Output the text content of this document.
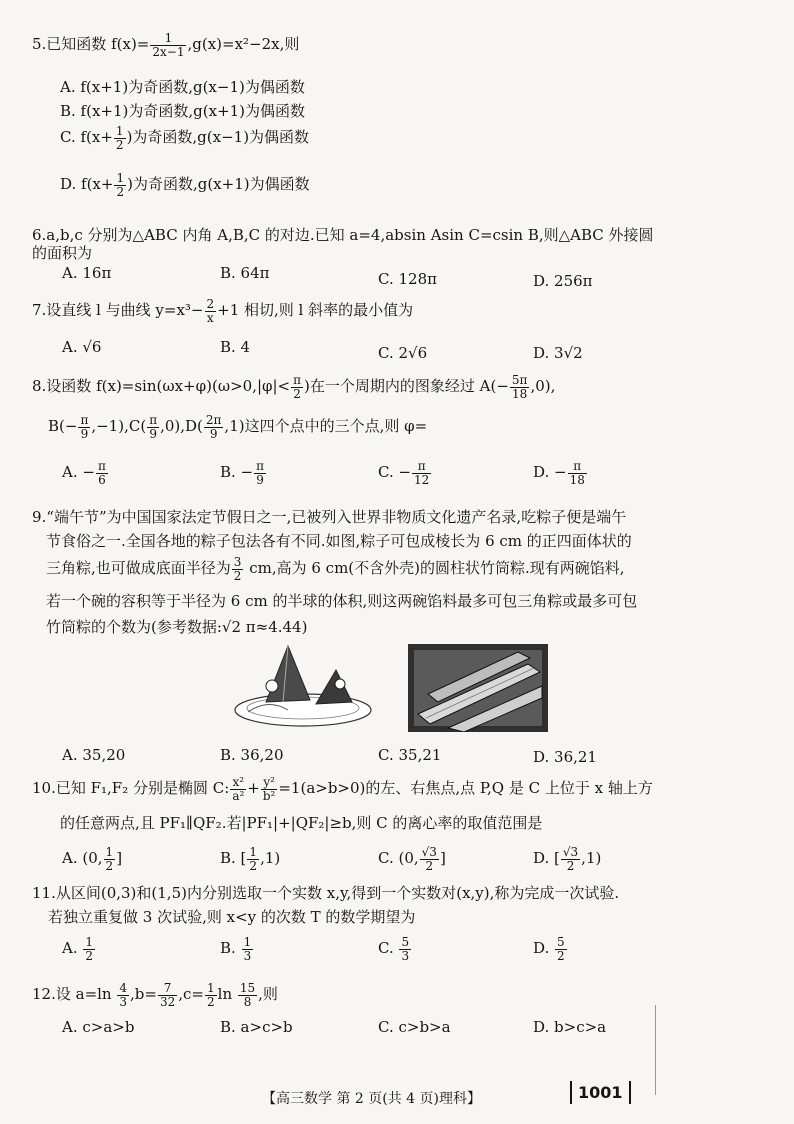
5.已知函数 $f(x)= \frac{1}{2x-1} ,g(x)=x^2-2x$,则
A. f(x+1)为奇函数,g(x−1)为偶函数
B. f(x+1)为奇函数,g(x+1)为偶函数
C. $f(x+ \frac{1}{2}$ )为奇函数,g(x−1)为偶函数
D. $f(x+ \frac{1}{2}$ )为奇函数,g(x+1)为偶函数
6.a,b,c 分别为△ABC 内角 A,B,C 的对边.已知 a=4,absin Asin C=csin B,则△ABC 外接圆
的面积为
A. 16π	B. 64π	C. 128π	D. 256π
7.设直线 l 与曲线 $y=x^3- \frac{2}{x} +1$ 相切,则 l 斜率的最小值为
A. √6	B. 4	C. 2√6	D. 3√2
8.设函数 $f(x)=\sin(\omega x+\varphi)(\omega>0,|\varphi|< \frac{\pi}{2}$ )在一个周期内的图象经过 $A(- \frac{5\pi}{18} ,0)$,
$B(- \frac{\pi}{9} ,-1),C( \frac{\pi}{9} ,0),D( \frac{2\pi}{9} ,1)$这四个点中的三个点,则 φ=
A. − $\frac{\pi}{6}$	B. − $\frac{\pi}{9}$	C. − $\frac{\pi}{12}$	D. − $\frac{\pi}{18}$
9.“端午节”为中国国家法定节假日之一,已被列入世界非物质文化遗产名录,吃粽子便是端午
节食俗之一.全国各地的粽子包法各有不同.如图,粽子可包成棱长为 6 cm 的正四面体状的
三角粽,也可做成底面半径为 $\frac{3}{2}$ cm,高为 6 cm(不含外壳)的圆柱状竹筒粽.现有两碗馅料,
若一个碗的容积等于半径为 6 cm 的半球的体积,则这两碗馅料最多可包三角粽或最多可包
竹筒粽的个数为(参考数据:√2 π≈4.44)
A. 35,20	B. 36,20	C. 35,21	D. 36,21
10.已知 F₁,F₂ 分别是椭圆 C: $\frac{\text{x²}}{\text{a²}} + \frac{\text{y²}}{\text{b²}} =1(a>b>0)$的左、右焦点,点 P,Q 是 C 上位于 x 轴上方
的任意两点,且 PF₁∥QF₂.若|PF₁|+|QF₂|≥b,则 C 的离心率的取值范围是
A. (0, $\frac{1}{2}$ ]	B. [ $\frac{1}{2} ,1$)	C. (0, $\frac{√3}{2}$ ]	D. [ $\frac{√3}{2} ,1$)
11.从区间(0,3)和(1,5)内分别选取一个实数 x,y,得到一个实数对(x,y),称为完成一次试验.
若独立重复做 3 次试验,则 x<y 的次数 T 的数学期望为
A. $\frac{1}{2}$	B. $\frac{1}{3}$	C. $\frac{5}{3}$	D. $\frac{5}{2}$
12.设 $a=\ln \frac{4}{3} ,b= \frac{7}{32} ,c= \frac{1}{2}$ $\ln \frac{15}{8}$ ,则
A. c>a>b	B. a>c>b	C. c>b>a	D. b>c>a
【高三数学 第 2 页(共 4 页)理科】	1001
